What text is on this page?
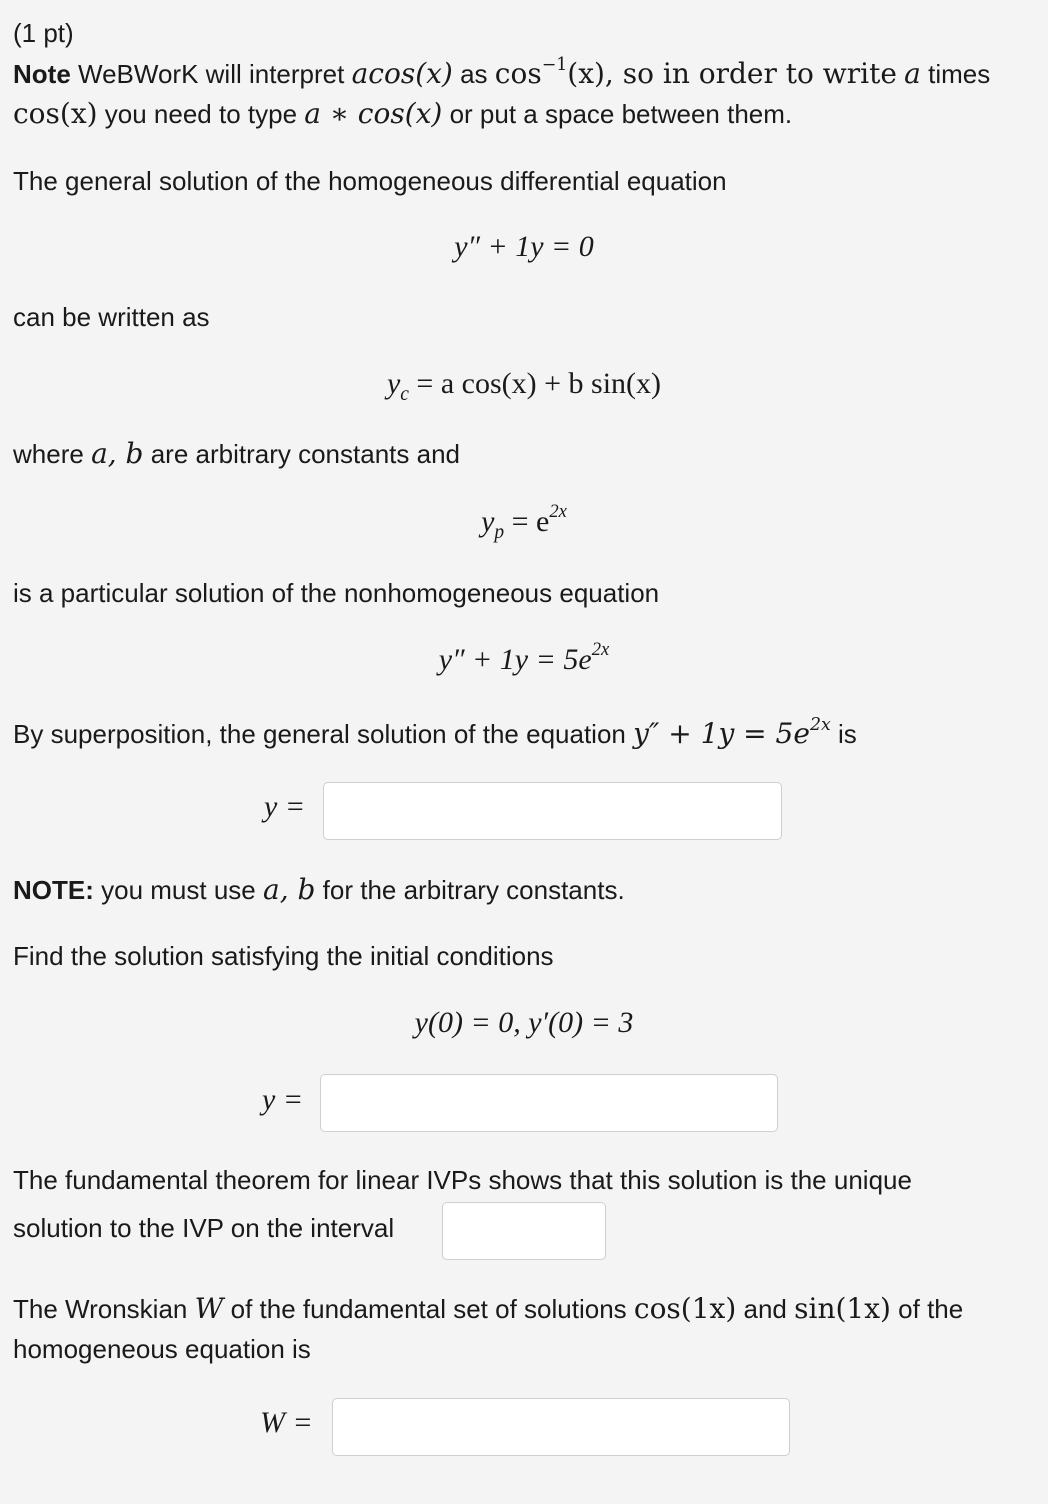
(1 pt)
Note WeBWorK will interpret acos(x) as $\cos^{-1}(x)$, so in order to write a times
cos(x) you need to type a ∗ cos(x) or put a space between them.
The general solution of the homogeneous differential equation
y″ + 1y = 0
can be written as
$y_c = a$ cos(x) + b sin(x)
where a, b are arbitrary constants and
$y_p = e^{2x}$
is a particular solution of the nonhomogeneous equation
$y'' + 1y = 5e^{2x}$
By superposition, the general solution of the equation $y'' + 1y = 5e^{2x}$ is
y =
NOTE: you must use a, b for the arbitrary constants.
Find the solution satisfying the initial conditions
y(0) = 0, y′(0) = 3
y =
The fundamental theorem for linear IVPs shows that this solution is the unique
solution to the IVP on the interval
The Wronskian W of the fundamental set of solutions cos(1x) and sin(1x) of the
homogeneous equation is
W =
